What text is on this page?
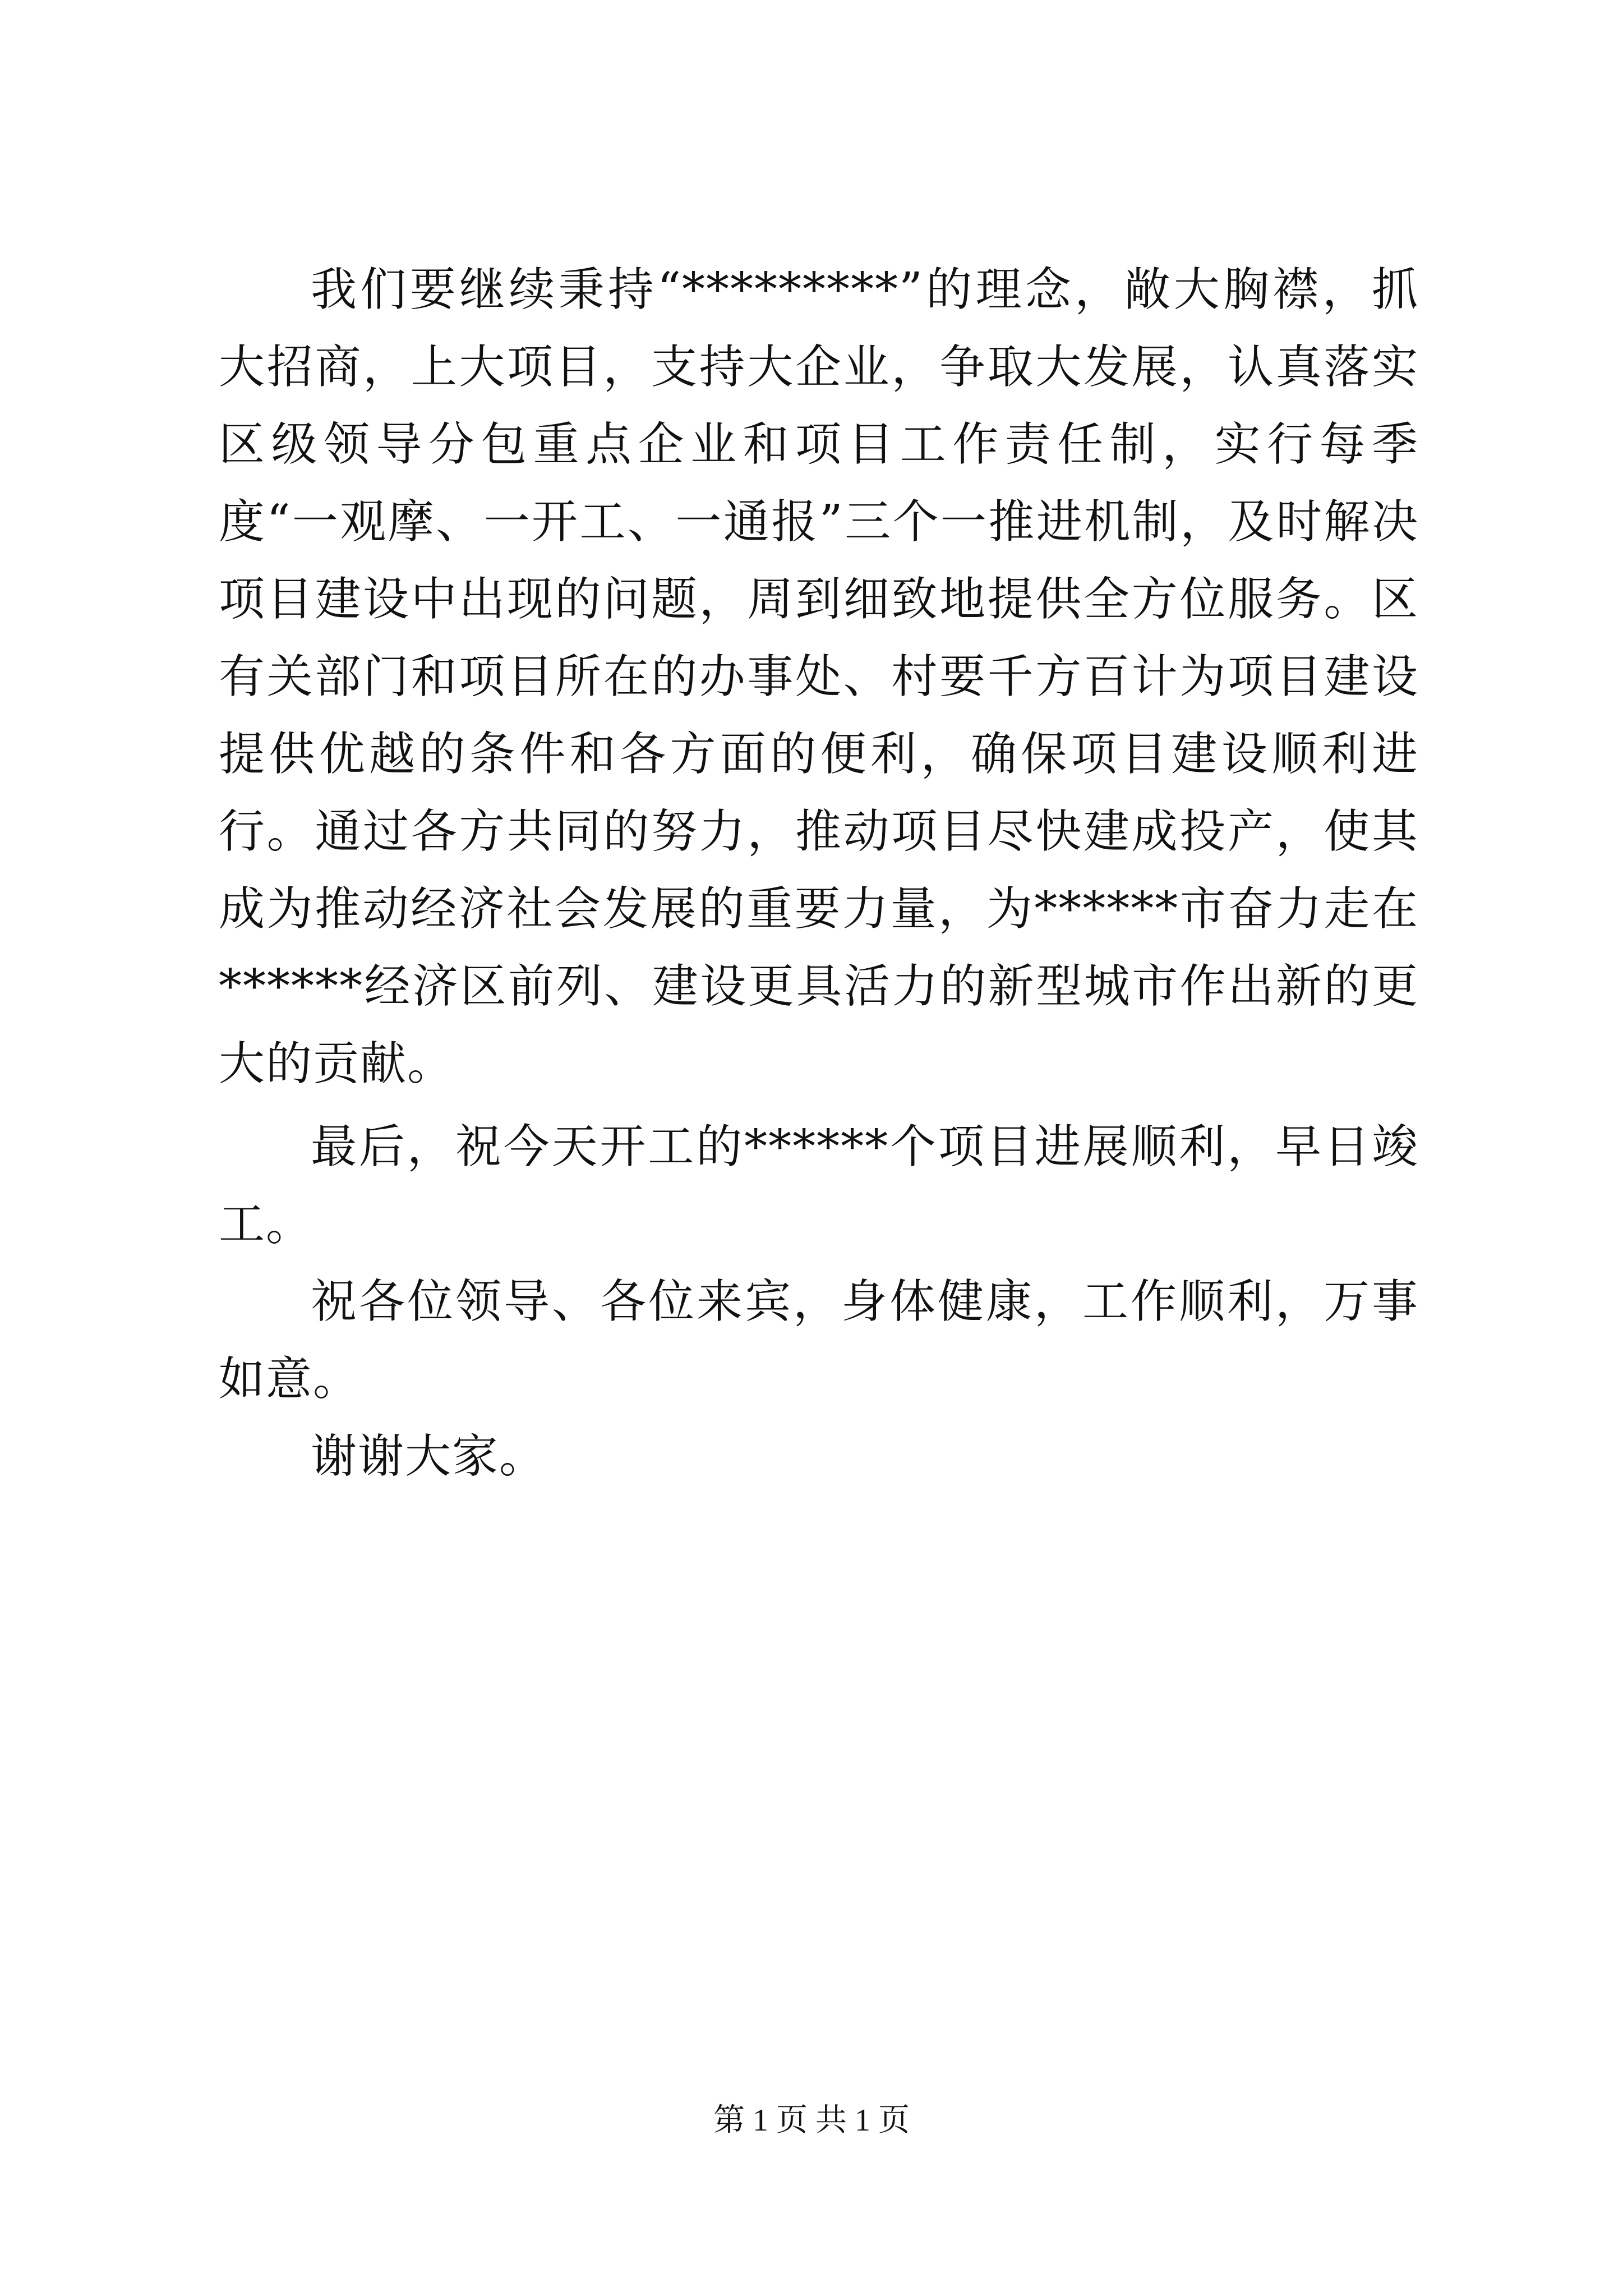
我们要继续秉持“*********”的理念，敞大胸襟，抓大招商，上大项目，支持大企业，争取大发展，认真落实区级领导分包重点企业和项目工作责任制，实行每季度“一观摩、一开工、一通报”三个一推进机制，及时解决项目建设中出现的问题，周到细致地提供全方位服务。区有关部门和项目所在的办事处、村要千方百计为项目建设提供优越的条件和各方面的便利，确保项目建设顺利进行。通过各方共同的努力，推动项目尽快建成投产，使其成为推动经济社会发展的重要力量，为******市奋力走在******经济区前列、建设更具活力的新型城市作出新的更大的贡献。

最后，祝今天开工的******个项目进展顺利，早日竣工。

祝各位领导、各位来宾，身体健康，工作顺利，万事如意。

谢谢大家。

第 1 页 共 1 页
